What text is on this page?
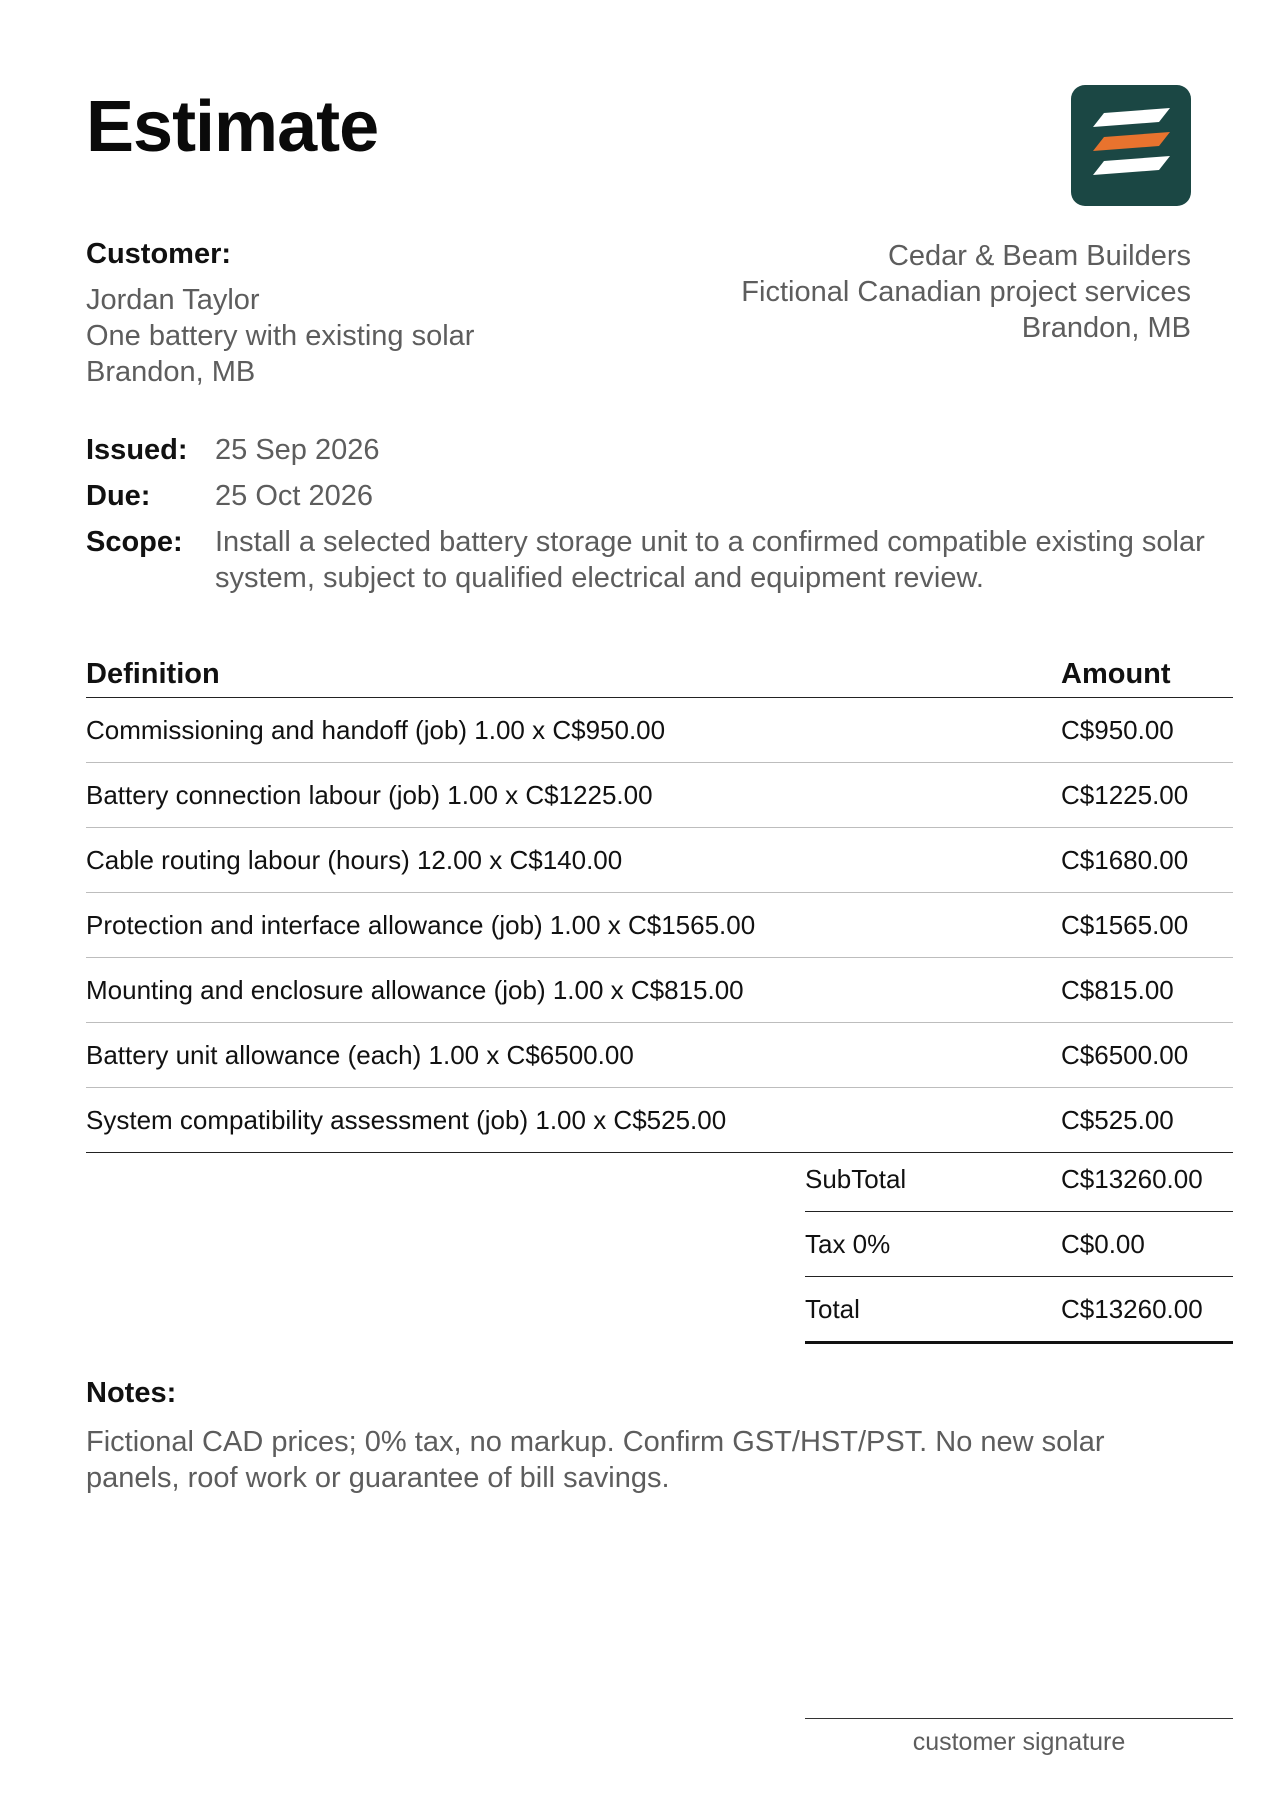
Estimate
Customer:
Jordan Taylor
One battery with existing solar
Brandon, MB
Cedar & Beam Builders
Fictional Canadian project services
Brandon, MB
Issued: 25 Sep 2026
Due:	25 Oct 2026
Scope:	Install a selected battery storage unit to a confirmed compatible existing solar system, subject to qualified electrical and equipment review.
Definition	Amount
Commissioning and handoff (job) 1.00 x C$950.00	C$950.00
Battery connection labour (job) 1.00 x C$1225.00	C$1225.00
Cable routing labour (hours) 12.00 x C$140.00	C$1680.00
Protection and interface allowance (job) 1.00 x C$1565.00	C$1565.00
Mounting and enclosure allowance (job) 1.00 x C$815.00	C$815.00
Battery unit allowance (each) 1.00 x C$6500.00	C$6500.00
System compatibility assessment (job) 1.00 x C$525.00	C$525.00
SubTotal	C$13260.00
Tax 0%	C$0.00
Total	C$13260.00
Notes:
Fictional CAD prices; 0% tax, no markup. Confirm GST/HST/PST. No new solar panels, roof work or guarantee of bill savings.
customer signature
